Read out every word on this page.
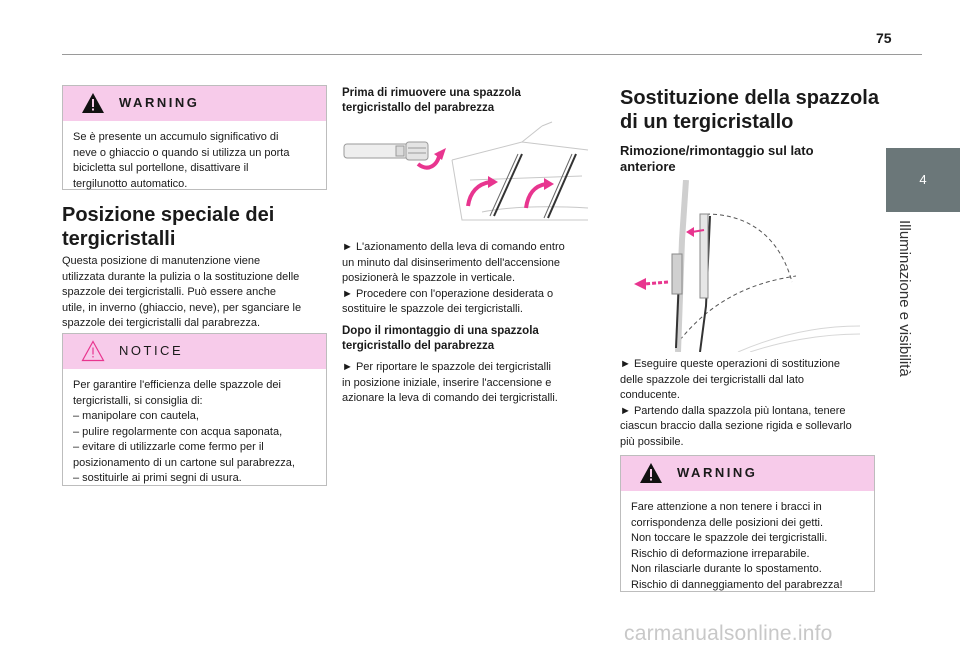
75
4
Illuminazione e visibilità
WARNING
Se è presente un accumulo significativo di
neve o ghiaccio o quando si utilizza un porta
bicicletta sul portellone, disattivare il
tergilunotto automatico.
Posizione speciale dei
tergicristalli
Questa posizione di manutenzione viene
utilizzata durante la pulizia o la sostituzione delle
spazzole dei tergicristalli. Può essere anche
utile, in inverno (ghiaccio, neve), per sganciare le
spazzole dei tergicristalli dal parabrezza.
NOTICE
Per garantire l'efficienza delle spazzole dei
tergicristalli, si consiglia di:
– manipolare con cautela,
– pulire regolarmente con acqua saponata,
– evitare di utilizzarle come fermo per il
posizionamento di un cartone sul parabrezza,
– sostituirle ai primi segni di usura.
Prima di rimuovere una spazzola
tergicristallo del parabrezza
► L'azionamento della leva di comando entro
un minuto dal disinserimento dell'accensione
posizionerà le spazzole in verticale.
► Procedere con l'operazione desiderata o
sostituire le spazzole dei tergicristalli.
Dopo il rimontaggio di una spazzola
tergicristallo del parabrezza
► Per riportare le spazzole dei tergicristalli
in posizione iniziale, inserire l'accensione e
azionare la leva di comando dei tergicristalli.
Sostituzione della spazzola
di un tergicristallo
Rimozione/rimontaggio sul lato
anteriore
► Eseguire queste operazioni di sostituzione
delle spazzole dei tergicristalli dal lato
conducente.
► Partendo dalla spazzola più lontana, tenere
ciascun braccio dalla sezione rigida e sollevarlo
più possibile.
WARNING
Fare attenzione a non tenere i bracci in
corrispondenza delle posizioni dei getti.
Non toccare le spazzole dei tergicristalli.
Rischio di deformazione irreparabile.
Non rilasciarle durante lo spostamento.
Rischio di danneggiamento del parabrezza!
carmanualsonline.info
